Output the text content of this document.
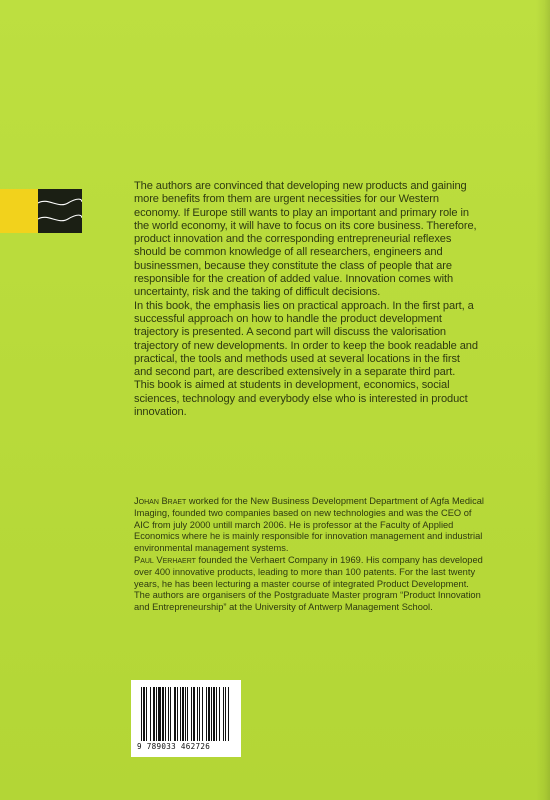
The authors are convinced that developing new products and gaining more benefits from them are urgent necessities for our Western economy. If Europe still wants to play an important and primary role in the world economy, it will have to focus on its core business. Therefore, product innovation and the corresponding entrepreneurial reflexes should be common knowledge of all researchers, engineers and businessmen, because they constitute the class of people that are responsible for the creation of added value. Innovation comes with uncertainty, risk and the taking of difficult decisions.

In this book, the emphasis lies on practical approach. In the first part, a successful approach on how to handle the product development trajectory is presented. A second part will discuss the valorisation trajectory of new developments. In order to keep the book readable and practical, the tools and methods used at several locations in the first and second part, are described extensively in a separate third part.

This book is aimed at students in development, economics, social sciences, technology and everybody else who is interested in product innovation.

Johan Braet worked for the New Business Development Department of Agfa Medical Imaging, founded two companies based on new technologies and was the CEO of AIC from july 2000 untill march 2006. He is professor at the Faculty of Applied Economics where he is mainly responsible for innovation management and industrial environmental management systems.

Paul Verhaert founded the Verhaert Company in 1969. His company has developed over 400 innovative products, leading to more than 100 patents. For the last twenty years, he has been lecturing a master course of integrated Product Development.

The authors are organisers of the Postgraduate Master program “Product Innovation and Entrepreneurship” at the University of Antwerp Management School.

9 789033 462726
